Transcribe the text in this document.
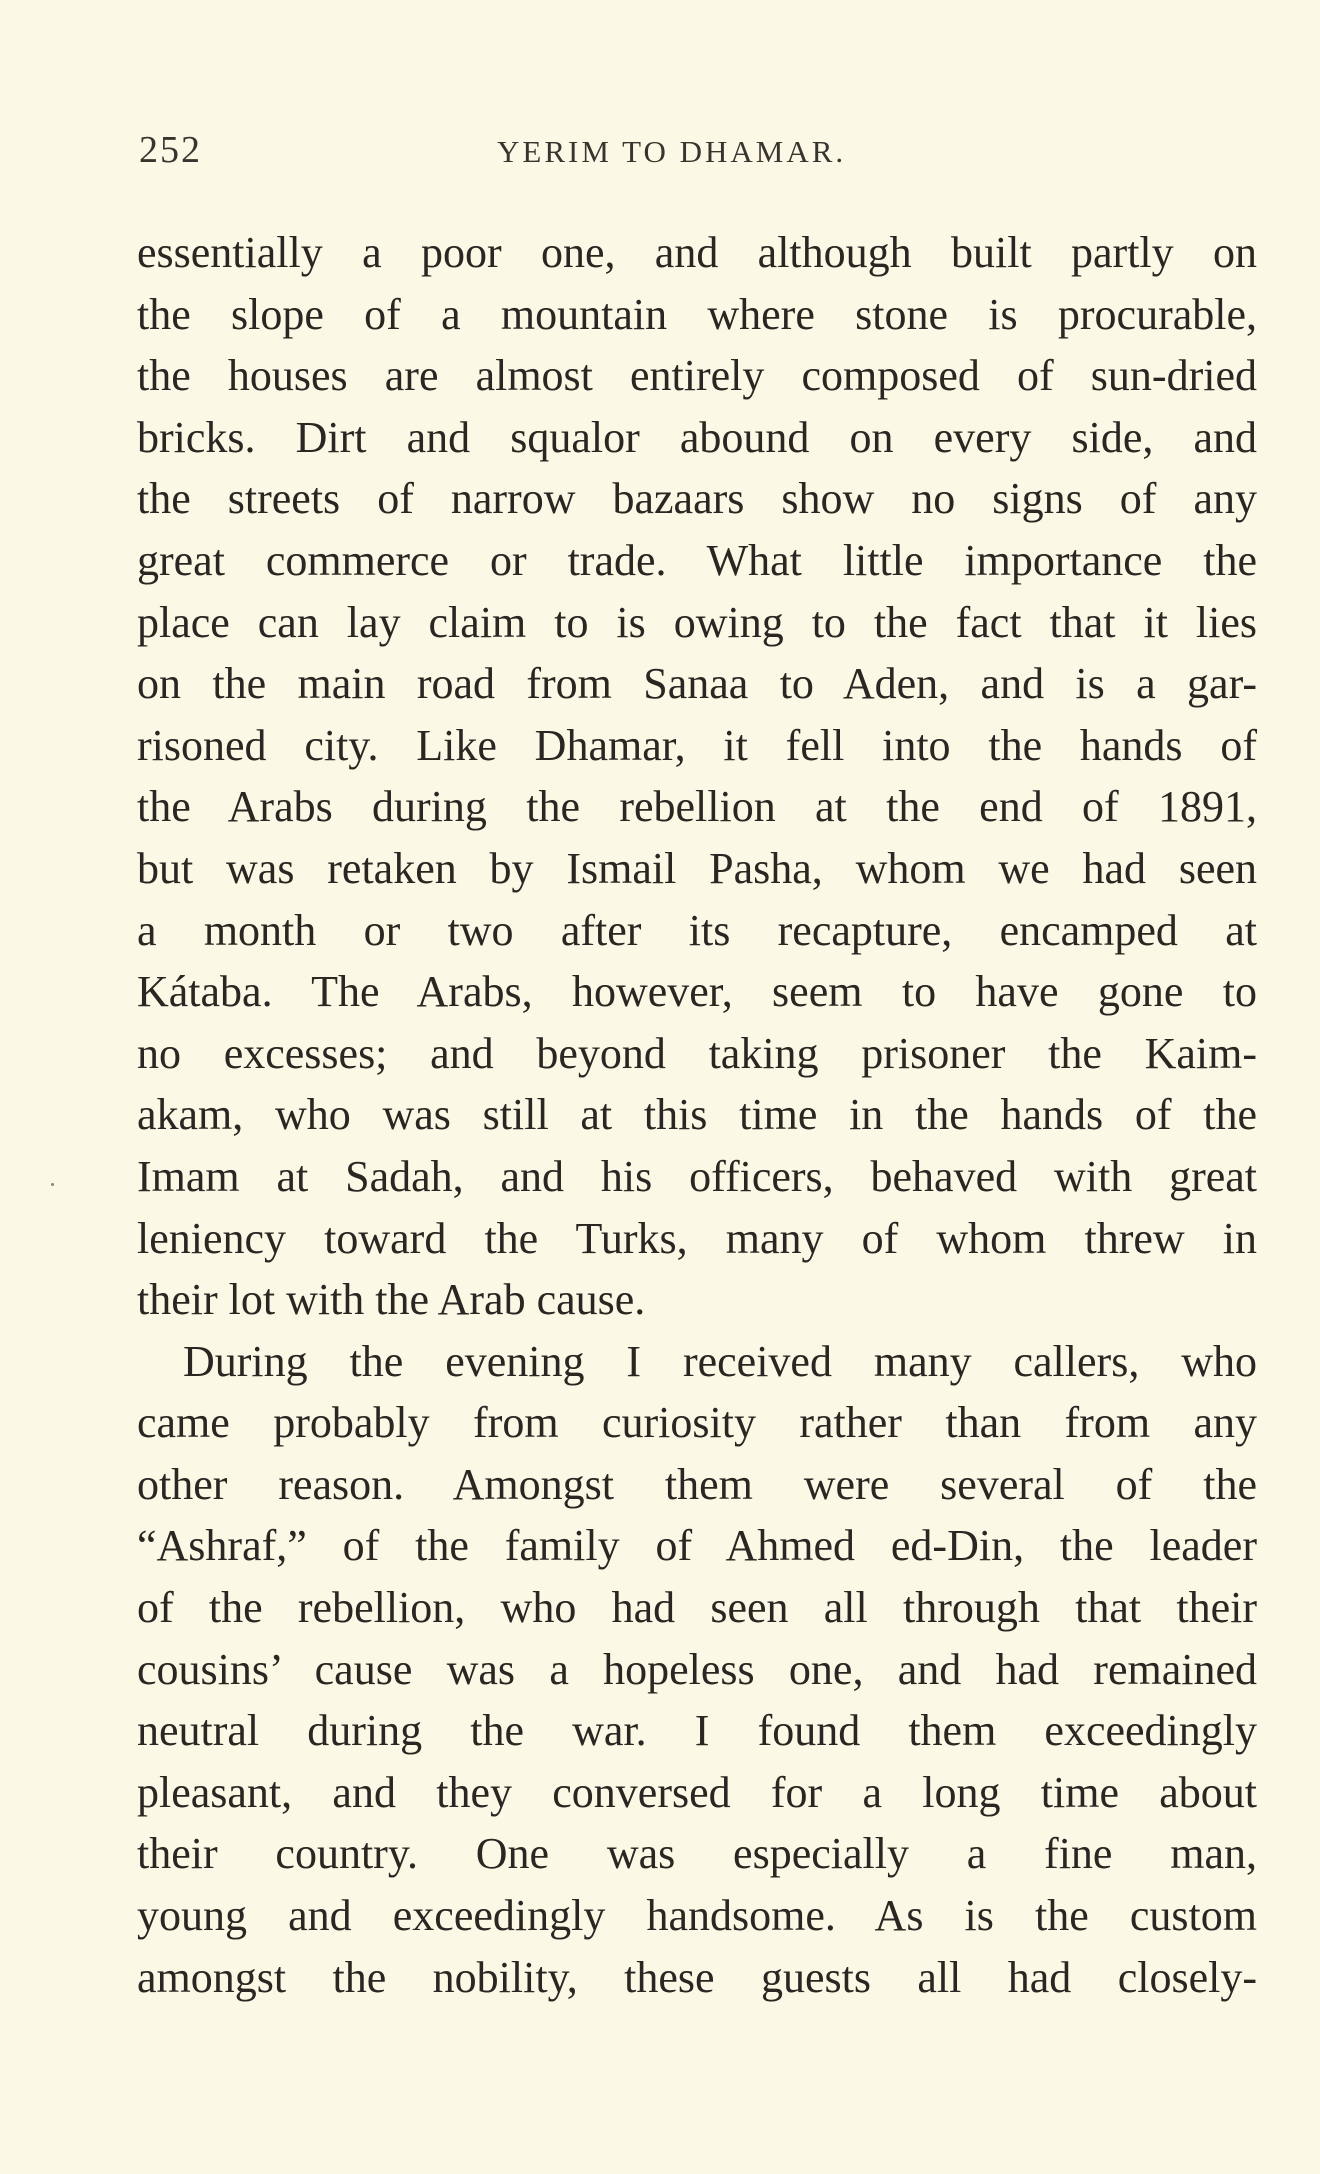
252	YERIM TO DHAMAR.
essentially a poor one, and although built partly on
the slope of a mountain where stone is procurable,
the houses are almost entirely composed of sun-dried
bricks. Dirt and squalor abound on every side, and
the streets of narrow bazaars show no signs of any
great commerce or trade. What little importance the
place can lay claim to is owing to the fact that it lies
on the main road from Sanaa to Aden, and is a gar-
risoned city. Like Dhamar, it fell into the hands of
the Arabs during the rebellion at the end of 1891,
but was retaken by Ismail Pasha, whom we had seen
a month or two after its recapture, encamped at
Kátaba. The Arabs, however, seem to have gone to
no excesses; and beyond taking prisoner the Kaim-
akam, who was still at this time in the hands of the
Imam at Sadah, and his officers, behaved with great
leniency toward the Turks, many of whom threw in
their lot with the Arab cause.
During the evening I received many callers, who
came probably from curiosity rather than from any
other reason. Amongst them were several of the
“Ashraf,” of the family of Ahmed ed-Din, the leader
of the rebellion, who had seen all through that their
cousins’ cause was a hopeless one, and had remained
neutral during the war. I found them exceedingly
pleasant, and they conversed for a long time about
their country. One was especially a fine man,
young and exceedingly handsome. As is the custom
amongst the nobility, these guests all had closely-
